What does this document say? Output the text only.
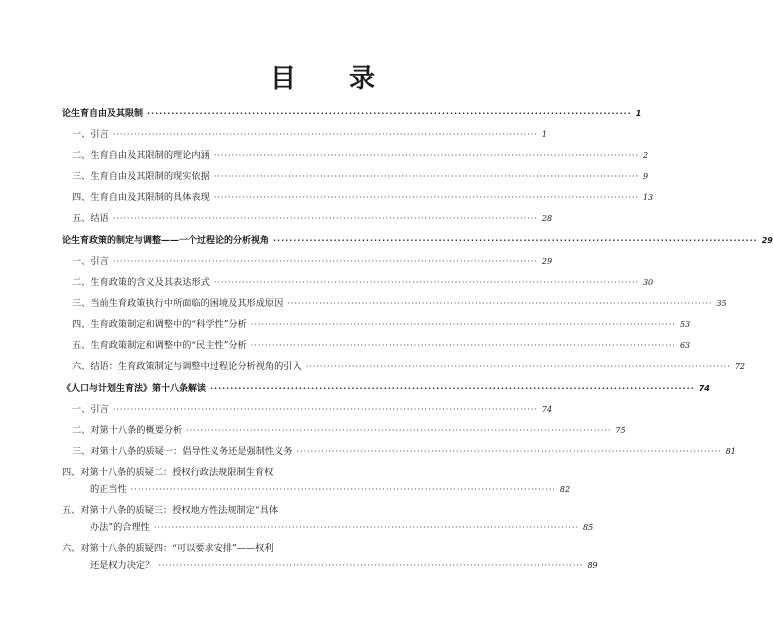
目 录
论生育自由及其限制 ························································································································ 1
一、引言 ························································································································ 1
二、生育自由及其限制的理论内涵 ························································································································ 2
三、生育自由及其限制的现实依据 ························································································································ 9
四、生育自由及其限制的具体表现 ························································································································ 13
五、结语 ························································································································ 28
论生育政策的制定与调整——一个过程论的分析视角 ························································································································ 29
一、引言 ························································································································ 29
二、生育政策的含义及其表达形式 ························································································································ 30
三、当前生育政策执行中所面临的困境及其形成原因 ························································································································ 35
四、生育政策制定和调整中的“科学性”分析 ························································································································ 53
五、生育政策制定和调整中的“民主性”分析 ························································································································ 63
六、结语：生育政策制定与调整中过程论分析视角的引入 ························································································································ 72
《人口与计划生育法》第十八条解读 ························································································································ 74
一、引言 ························································································································ 74
二、对第十八条的概要分析 ························································································································ 75
三、对第十八条的质疑一：倡导性义务还是强制性义务 ························································································································ 81
四、对第十八条的质疑二：授权行政法规限制生育权
的正当性 ························································································································ 82
五、对第十八条的质疑三：授权地方性法规制定“具体
办法”的合理性 ························································································································ 85
六、对第十八条的质疑四：“可以要求安排”——权利
还是权力决定？ ························································································································ 89
